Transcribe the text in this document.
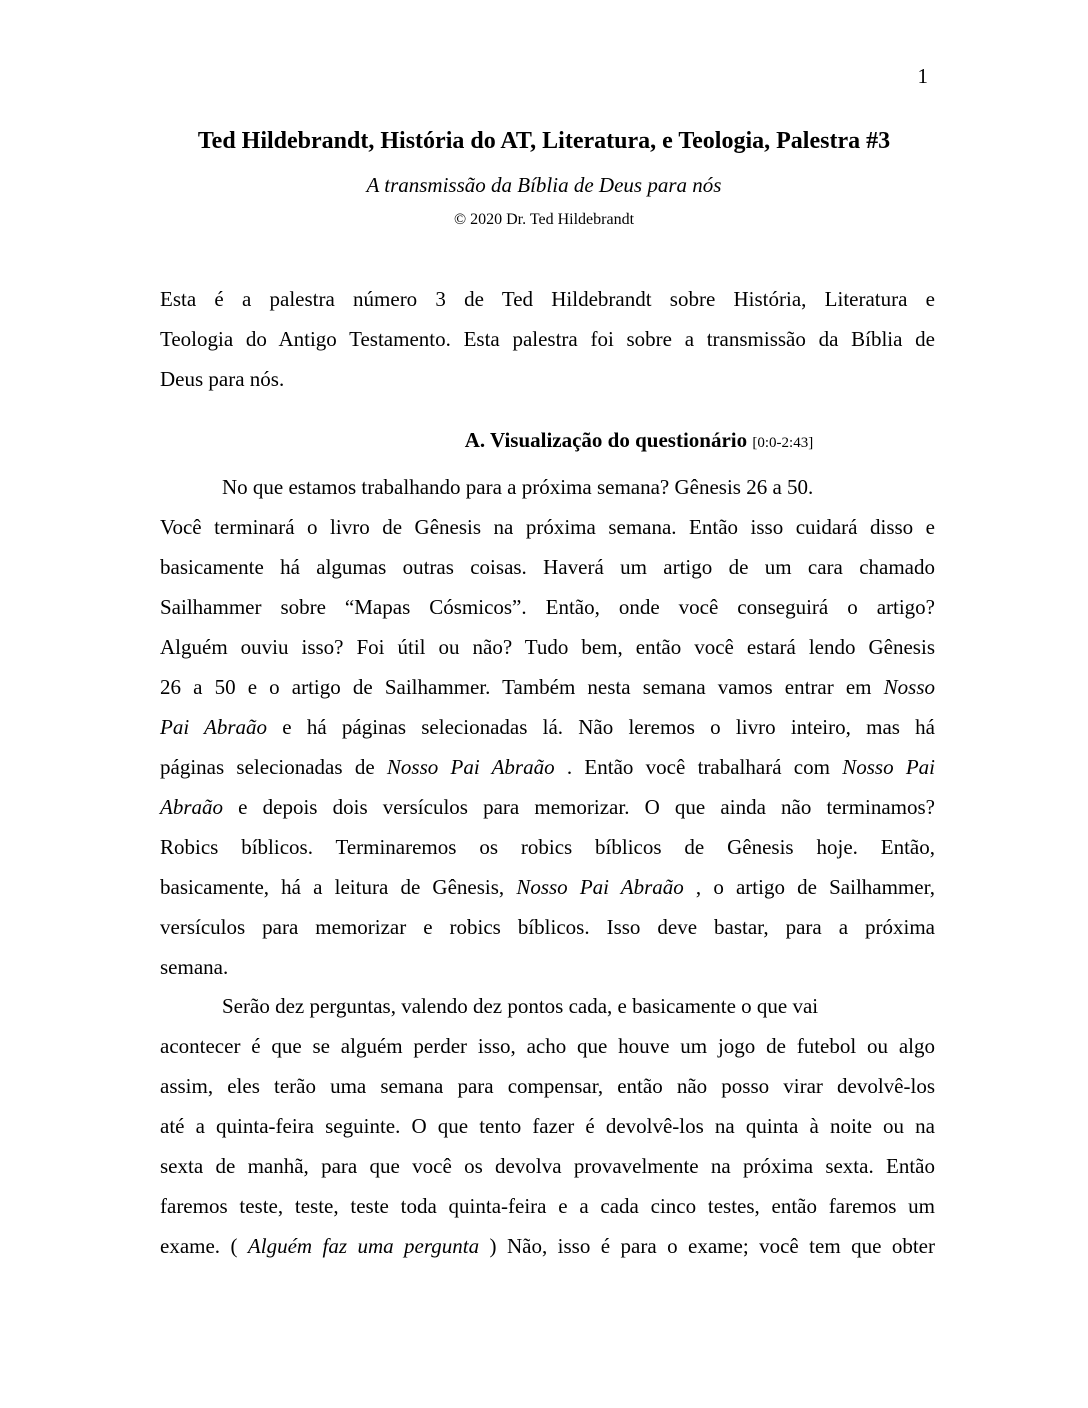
1
Ted Hildebrandt, História do AT, Literatura, e Teologia, Palestra #3
A transmissão da Bíblia de Deus para nós
© 2020 Dr. Ted Hildebrandt
Esta é a palestra número 3 de Ted Hildebrandt sobre História, Literatura e
Teologia do Antigo Testamento. Esta palestra foi sobre a transmissão da Bíblia de
Deus para nós.
A. Visualização do questionário [0:0-2:43]
No que estamos trabalhando para a próxima semana? Gênesis 26 a 50.
Você terminará o livro de Gênesis na próxima semana. Então isso cuidará disso e
basicamente há algumas outras coisas. Haverá um artigo de um cara chamado
Sailhammer sobre “Mapas Cósmicos”. Então, onde você conseguirá o artigo?
Alguém ouviu isso? Foi útil ou não? Tudo bem, então você estará lendo Gênesis
26 a 50 e o artigo de Sailhammer. Também nesta semana vamos entrar em Nosso
Pai Abraão e há páginas selecionadas lá. Não leremos o livro inteiro, mas há
páginas selecionadas de Nosso Pai Abraão . Então você trabalhará com Nosso Pai
Abraão e depois dois versículos para memorizar. O que ainda não terminamos?
Robics bíblicos. Terminaremos os robics bíblicos de Gênesis hoje. Então,
basicamente, há a leitura de Gênesis, Nosso Pai Abraão , o artigo de Sailhammer,
versículos para memorizar e robics bíblicos. Isso deve bastar, para a próxima
semana.
Serão dez perguntas, valendo dez pontos cada, e basicamente o que vai
acontecer é que se alguém perder isso, acho que houve um jogo de futebol ou algo
assim, eles terão uma semana para compensar, então não posso virar devolvê-los
até a quinta-feira seguinte. O que tento fazer é devolvê-los na quinta à noite ou na
sexta de manhã, para que você os devolva provavelmente na próxima sexta. Então
faremos teste, teste, teste toda quinta-feira e a cada cinco testes, então faremos um
exame. ( Alguém faz uma pergunta ) Não, isso é para o exame; você tem que obter
